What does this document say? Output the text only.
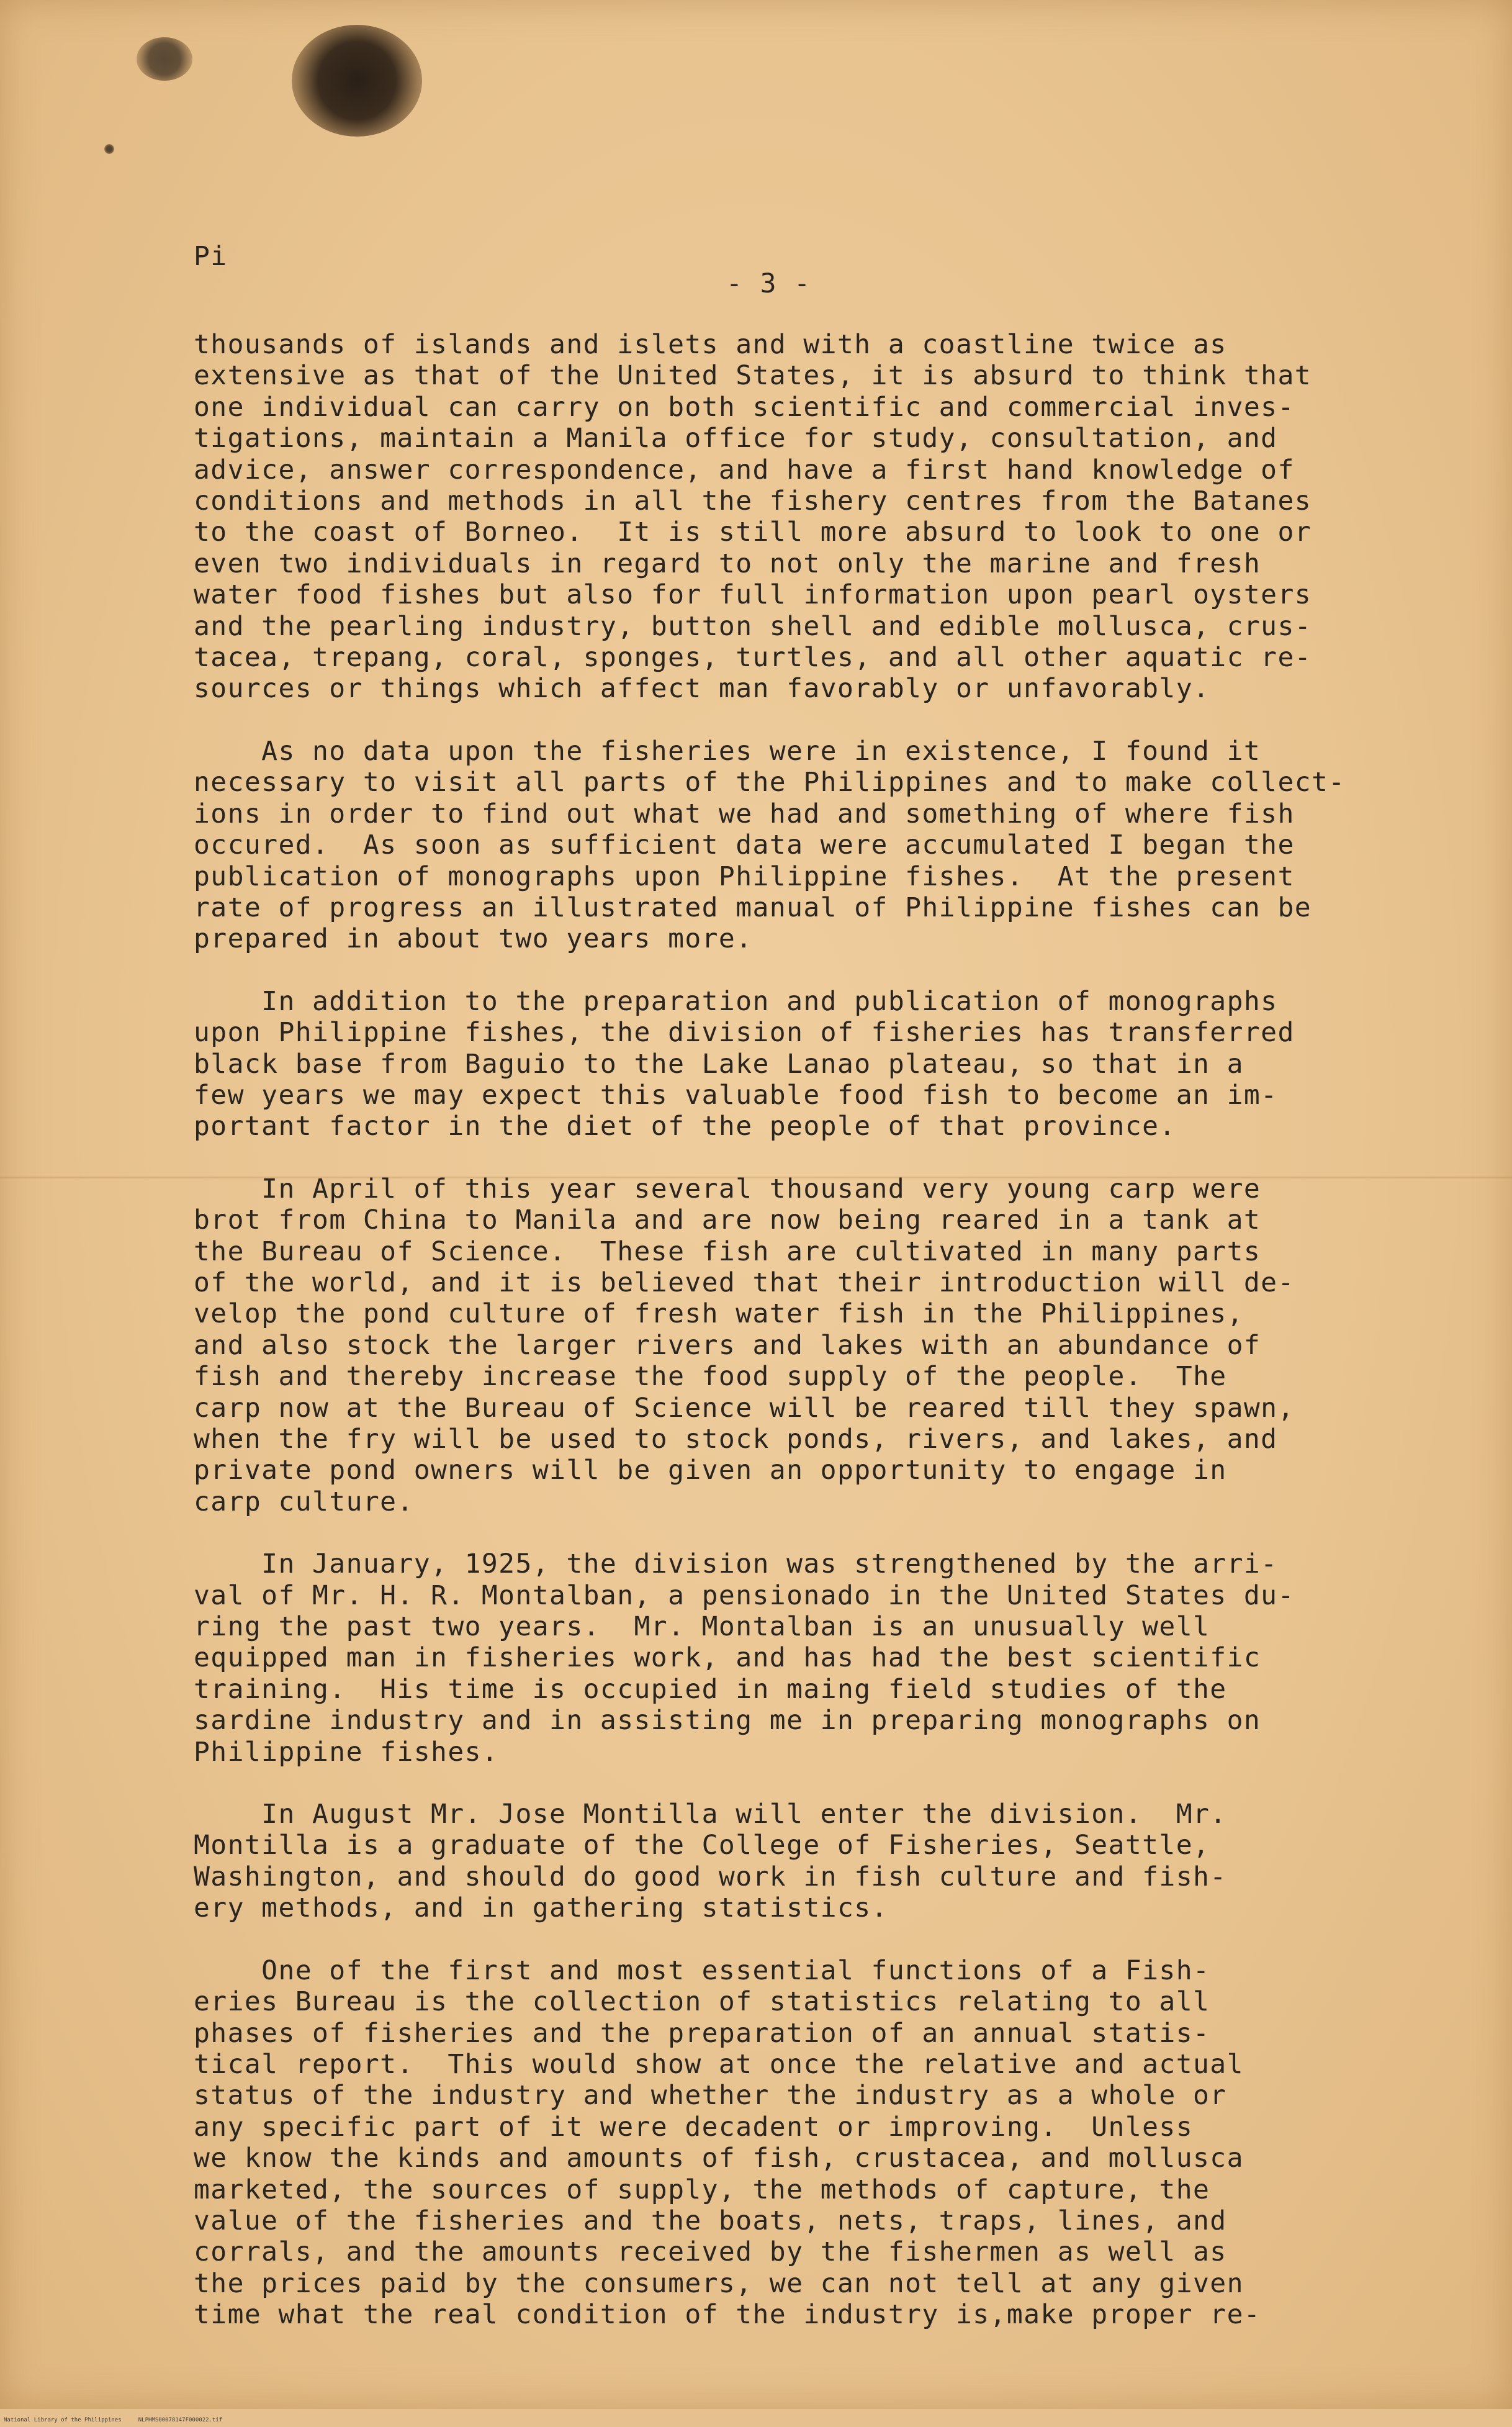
Pi
- 3 -
thousands of islands and islets and with a coastline twice as
extensive as that of the United States, it is absurd to think that
one individual can carry on both scientific and commercial inves-
tigations, maintain a Manila office for study, consultation, and
advice, answer correspondence, and have a first hand knowledge of
conditions and methods in all the fishery centres from the Batanes
to the coast of Borneo.  It is still more absurd to look to one or
even two individuals in regard to not only the marine and fresh
water food fishes but also for full information upon pearl oysters
and the pearling industry, button shell and edible mollusca, crus-
tacea, trepang, coral, sponges, turtles, and all other aquatic re-
sources or things which affect man favorably or unfavorably.
As no data upon the fisheries were in existence, I found it
necessary to visit all parts of the Philippines and to make collect-
ions in order to find out what we had and something of where fish
occured.  As soon as sufficient data were accumulated I began the
publication of monographs upon Philippine fishes.  At the present
rate of progress an illustrated manual of Philippine fishes can be
prepared in about two years more.
In addition to the preparation and publication of monographs
upon Philippine fishes, the division of fisheries has transferred
black base from Baguio to the Lake Lanao plateau, so that in a
few years we may expect this valuable food fish to become an im-
portant factor in the diet of the people of that province.
In April of this year several thousand very young carp were
brot from China to Manila and are now being reared in a tank at
the Bureau of Science.  These fish are cultivated in many parts
of the world, and it is believed that their introduction will de-
velop the pond culture of fresh water fish in the Philippines,
and also stock the larger rivers and lakes with an abundance of
fish and thereby increase the food supply of the people.  The
carp now at the Bureau of Science will be reared till they spawn,
when the fry will be used to stock ponds, rivers, and lakes, and
private pond owners will be given an opportunity to engage in
carp culture.
In January, 1925, the division was strengthened by the arri-
val of Mr. H. R. Montalban, a pensionado in the United States du-
ring the past two years.  Mr. Montalban is an unusually well
equipped man in fisheries work, and has had the best scientific
training.  His time is occupied in maing field studies of the
sardine industry and in assisting me in preparing monographs on
Philippine fishes.
In August Mr. Jose Montilla will enter the division.  Mr.
Montilla is a graduate of the College of Fisheries, Seattle,
Washington, and should do good work in fish culture and fish-
ery methods, and in gathering statistics.
One of the first and most essential functions of a Fish-
eries Bureau is the collection of statistics relating to all
phases of fisheries and the preparation of an annual statis-
tical report.  This would show at once the relative and actual
status of the industry and whether the industry as a whole or
any specific part of it were decadent or improving.  Unless
we know the kinds and amounts of fish, crustacea, and mollusca
marketed, the sources of supply, the methods of capture, the
value of the fisheries and the boats, nets, traps, lines, and
corrals, and the amounts received by the fishermen as well as
the prices paid by the consumers, we can not tell at any given
time what the real condition of the industry is,make proper re-
National Library of the Philippines     NLPHMS00078147F000022.tif
